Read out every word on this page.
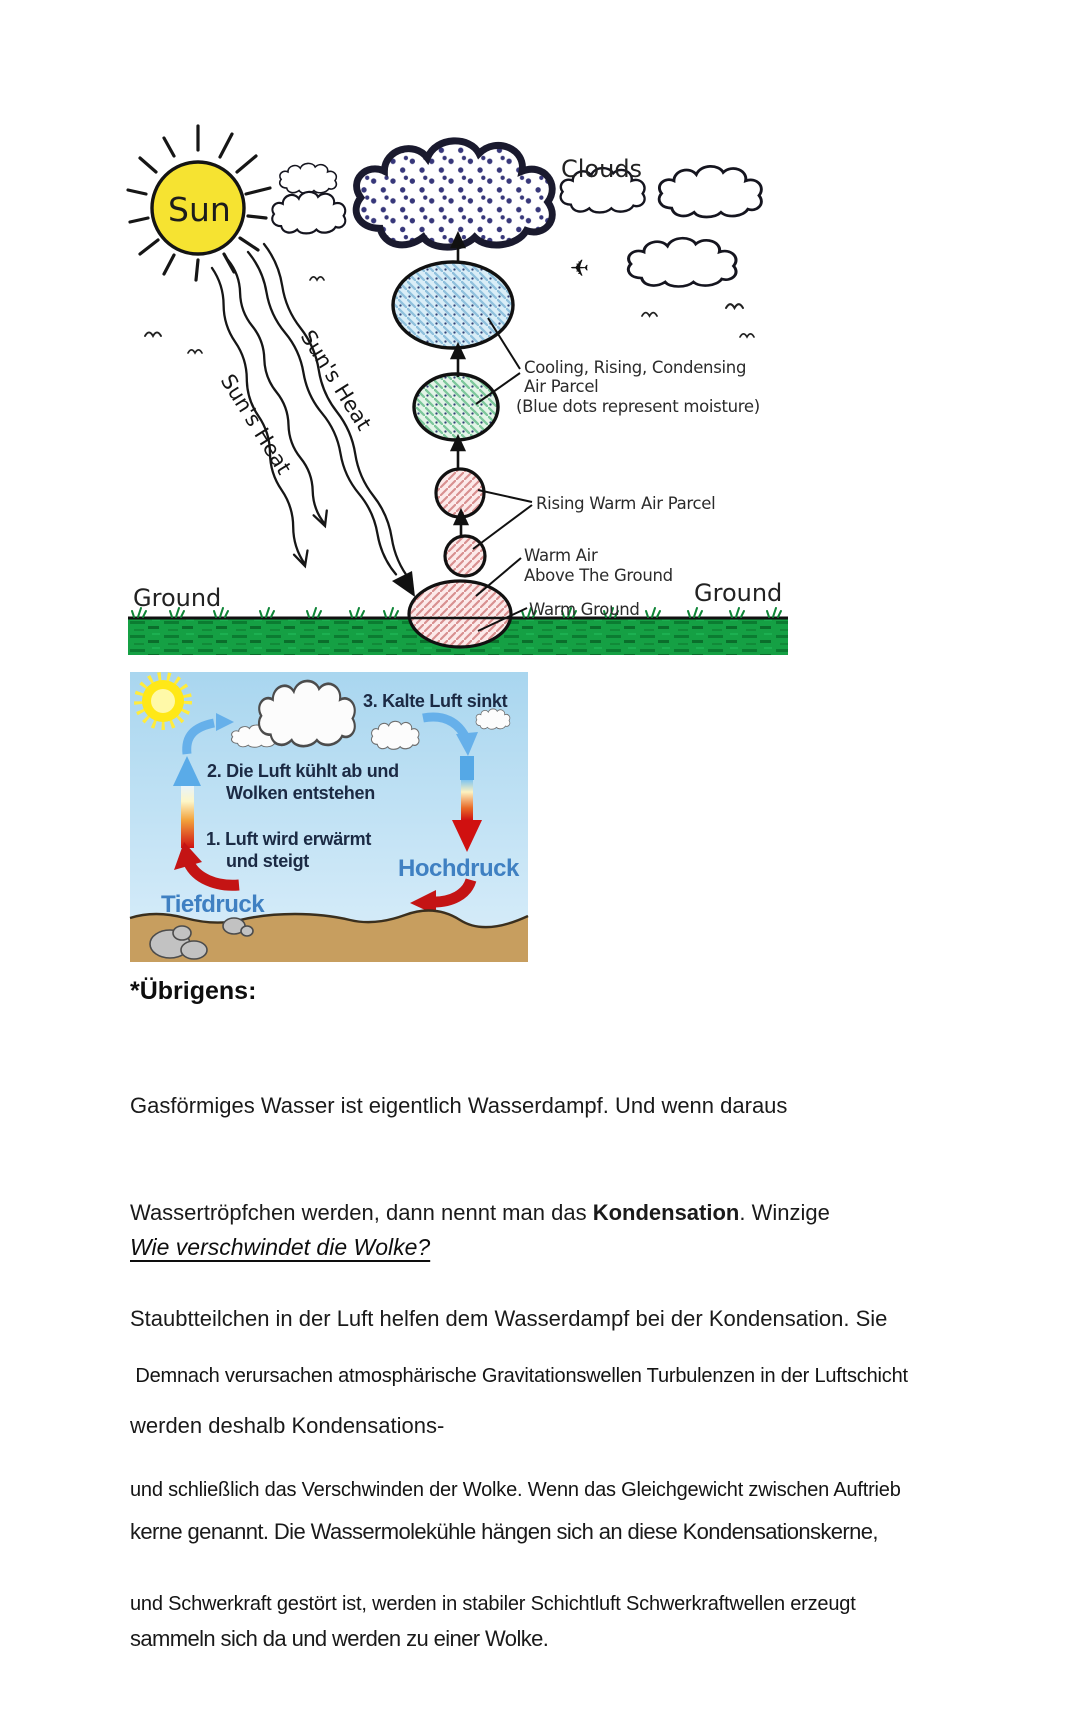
Sun
Sun's Heat
Sun's Heat
Clouds
✈
Cooling, Rising, Condensing
Air Parcel
(Blue dots represent moisture)
Rising Warm Air Parcel
Warm Air
Above The Ground
Warm Ground
Ground	Ground
3. Kalte Luft sinkt
2. Die Luft kühlt ab und
Wolken entstehen
1. Luft wird erwärmt
und steigt
Tiefdruck
Hochdruck
*Übrigens:

Gasförmiges Wasser ist eigentlich Wasserdampf. Und wenn daraus

Wassertröpfchen werden, dann nennt man das Kondensation. Winzige

Staubtteilchen in der Luft helfen dem Wasserdampf bei der Kondensation. Sie

werden deshalb Kondensations-

kerne genannt. Die Wassermolekühle hängen sich an diese Kondensationskerne,

sammeln sich da und werden zu einer Wolke.

Wie verschwindet die Wolke?

Demnach verursachen atmosphärische Gravitationswellen Turbulenzen in der Luftschicht

und schließlich das Verschwinden der Wolke. Wenn das Gleichgewicht zwischen Auftrieb

und Schwerkraft gestört ist, werden in stabiler Schichtluft Schwerkraftwellen erzeugt
